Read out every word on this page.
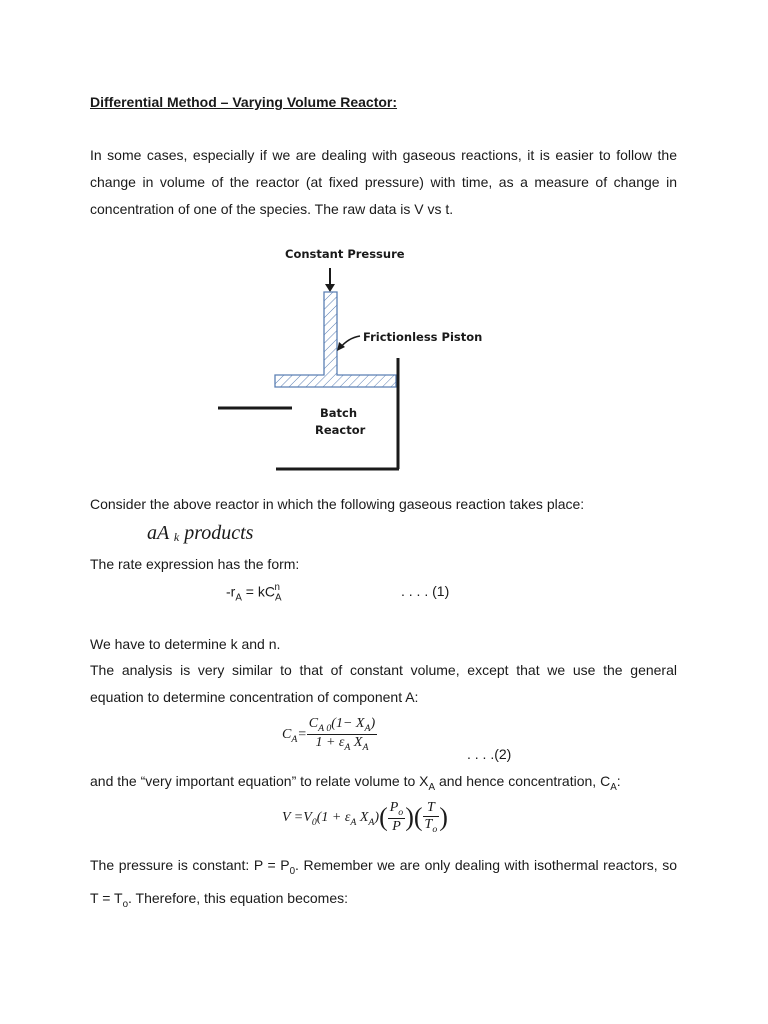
Differential Method – Varying Volume Reactor:
In some cases, especially if we are dealing with gaseous reactions, it is easier to follow the change in volume of the reactor (at fixed pressure) with time, as a measure of change in concentration of one of the species. The raw data is V vs t.
Constant Pressure
Frictionless Piston
Batch
Reactor
Consider the above reactor in which the following gaseous reaction takes place:
aA k products
The rate expression has the form:
$-r_A = kC_A^n$	. . . . (1)
We have to determine k and n.
The analysis is very similar to that of constant volume, except that we use the general equation to determine concentration of component A:
$C_A= \frac{C_{A 0}(1- X_A)}{1 + \varepsilon_A X_A}$
. . . .(2)
and the “very important equation” to relate volume to $X_A$ and hence concentration, $C_A$:
$V =V_0(1 + \varepsilon_A$ $X_A)( \frac{P_o}{P}$ )( $\frac{T}{T_o}$ )
The pressure is constant: $P = P_0$. Remember we are only dealing with isothermal reactors, so $T = T_o$. Therefore, this equation becomes:
